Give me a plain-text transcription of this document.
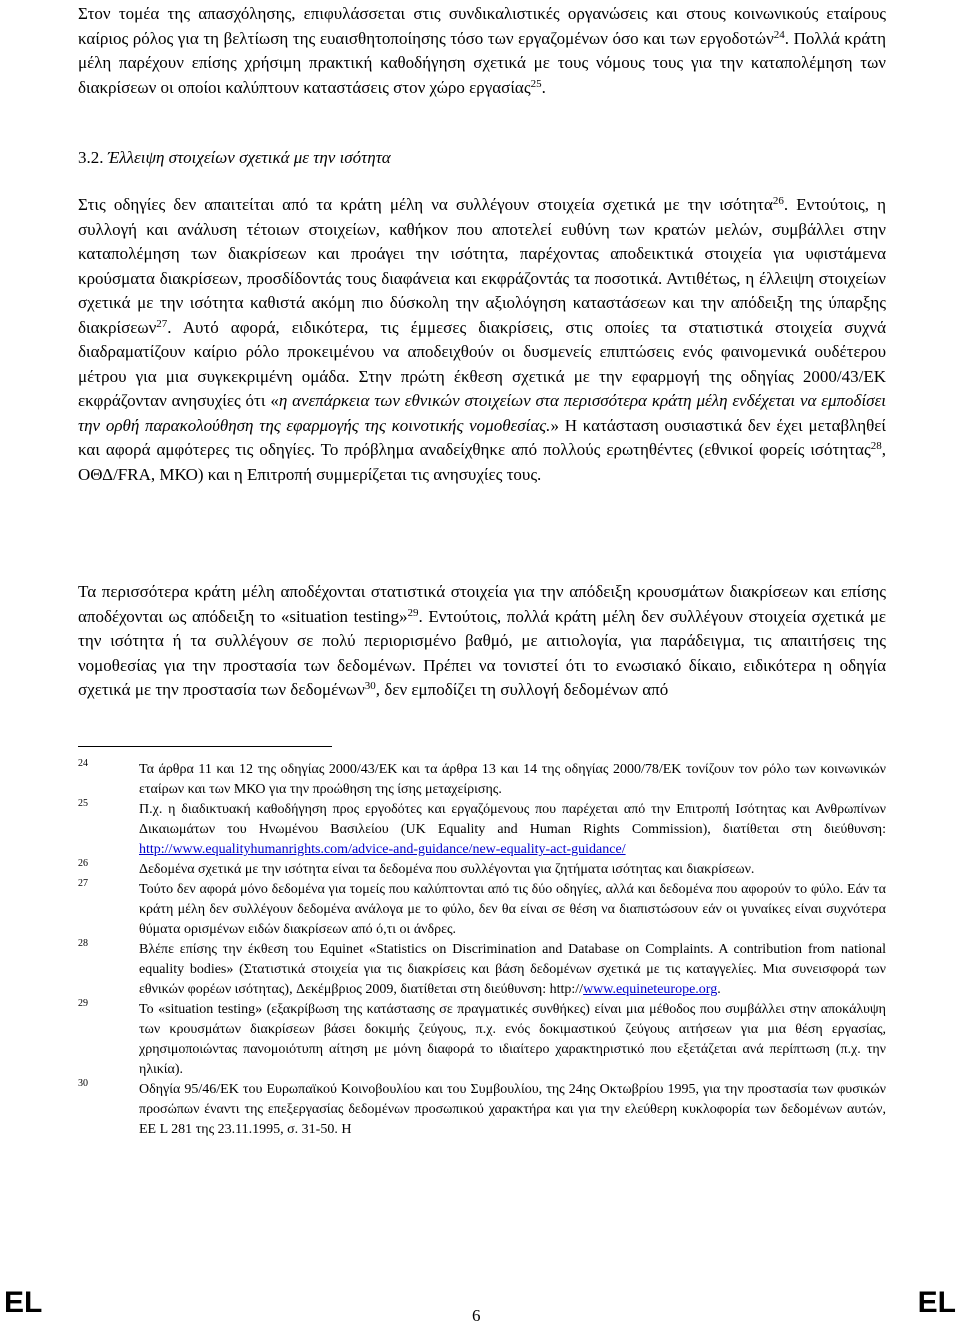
Στον τομέα της απασχόλησης, επιφυλάσσεται στις συνδικαλιστικές οργανώσεις και στους κοινωνικούς εταίρους καίριος ρόλος για τη βελτίωση της ευαισθητοποίησης τόσο των εργαζομένων όσο και των εργοδοτών$^{24}$. Πολλά κράτη μέλη παρέχουν επίσης χρήσιμη πρακτική καθοδήγηση σχετικά με τους νόμους τους για την καταπολέμηση των διακρίσεων οι οποίοι καλύπτουν καταστάσεις στον χώρο εργασίας$^{25}$.

3.2. Έλλειψη στοιχείων σχετικά με την ισότητα

Στις οδηγίες δεν απαιτείται από τα κράτη μέλη να συλλέγουν στοιχεία σχετικά με την ισότητα$^{26}$. Εντούτοις, η συλλογή και ανάλυση τέτοιων στοιχείων, καθήκον που αποτελεί ευθύνη των κρατών μελών, συμβάλλει στην καταπολέμηση των διακρίσεων και προάγει την ισότητα, παρέχοντας αποδεικτικά στοιχεία για υφιστάμενα κρούσματα διακρίσεων, προσδίδοντάς τους διαφάνεια και εκφράζοντάς τα ποσοτικά. Αντιθέτως, η έλλειψη στοιχείων σχετικά με την ισότητα καθιστά ακόμη πιο δύσκολη την αξιολόγηση καταστάσεων και την απόδειξη της ύπαρξης διακρίσεων$^{27}$. Αυτό αφορά, ειδικότερα, τις έμμεσες διακρίσεις, στις οποίες τα στατιστικά στοιχεία συχνά διαδραματίζουν καίριο ρόλο προκειμένου να αποδειχθούν οι δυσμενείς επιπτώσεις ενός φαινομενικά ουδέτερου μέτρου για μια συγκεκριμένη ομάδα. Στην πρώτη έκθεση σχετικά με την εφαρμογή της οδηγίας 2000/43/ΕΚ εκφράζονταν ανησυχίες ότι «η ανεπάρκεια των εθνικών στοιχείων στα περισσότερα κράτη μέλη ενδέχεται να εμποδίσει την ορθή παρακολούθηση της εφαρμογής της κοινοτικής νομοθεσίας.» Η κατάσταση ουσιαστικά δεν έχει μεταβληθεί και αφορά αμφότερες τις οδηγίες. Το πρόβλημα αναδείχθηκε από πολλούς ερωτηθέντες (εθνικοί φορείς ισότητας$^{28}$, ΟΘΔ/FRA, ΜΚΟ) και η Επιτροπή συμμερίζεται τις ανησυχίες τους.

Τα περισσότερα κράτη μέλη αποδέχονται στατιστικά στοιχεία για την απόδειξη κρουσμάτων διακρίσεων και επίσης αποδέχονται ως απόδειξη το «situation testing»$^{29}$. Εντούτοις, πολλά κράτη μέλη δεν συλλέγουν στοιχεία σχετικά με την ισότητα ή τα συλλέγουν σε πολύ περιορισμένο βαθμό, με αιτιολογία, για παράδειγμα, τις απαιτήσεις της νομοθεσίας για την προστασία των δεδομένων. Πρέπει να τονιστεί ότι το ενωσιακό δίκαιο, ειδικότερα η οδηγία σχετικά με την προστασία των δεδομένων$^{30}$, δεν εμποδίζει τη συλλογή δεδομένων από

24	Τα άρθρα 11 και 12 της οδηγίας 2000/43/ΕΚ και τα άρθρα 13 και 14 της οδηγίας 2000/78/ΕΚ τονίζουν τον ρόλο των κοινωνικών εταίρων και των ΜΚΟ για την προώθηση της ίσης μεταχείρισης.
25	Π.χ. η διαδικτυακή καθοδήγηση προς εργοδότες και εργαζόμενους που παρέχεται από την Επιτροπή Ισότητας και Ανθρωπίνων Δικαιωμάτων του Ηνωμένου Βασιλείου (UK Equality and Human Rights Commission), διατίθεται στη διεύθυνση: http://www.equalityhumanrights.com/advice-and-guidance/new-equality-act-guidance/
26	Δεδομένα σχετικά με την ισότητα είναι τα δεδομένα που συλλέγονται για ζητήματα ισότητας και διακρίσεων.
27	Τούτο δεν αφορά μόνο δεδομένα για τομείς που καλύπτονται από τις δύο οδηγίες, αλλά και δεδομένα που αφορούν το φύλο. Εάν τα κράτη μέλη δεν συλλέγουν δεδομένα ανάλογα με το φύλο, δεν θα είναι σε θέση να διαπιστώσουν εάν οι γυναίκες είναι συχνότερα θύματα ορισμένων ειδών διακρίσεων από ό,τι οι άνδρες.
28	Βλέπε επίσης την έκθεση του Equinet «Statistics on Discrimination and Database on Complaints. A contribution from national equality bodies» (Στατιστικά στοιχεία για τις διακρίσεις και βάση δεδομένων σχετικά με τις καταγγελίες. Μια συνεισφορά των εθνικών φορέων ισότητας), Δεκέμβριος 2009, διατίθεται στη διεύθυνση: http://www.equineteurope.org.
29	Το «situation testing» (εξακρίβωση της κατάστασης σε πραγματικές συνθήκες) είναι μια μέθοδος που συμβάλλει στην αποκάλυψη των κρουσμάτων διακρίσεων βάσει δοκιμής ζεύγους, π.χ. ενός δοκιμαστικού ζεύγους αιτήσεων για μια θέση εργασίας, χρησιμοποιώντας πανομοιότυπη αίτηση με μόνη διαφορά το ιδιαίτερο χαρακτηριστικό που εξετάζεται ανά περίπτωση (π.χ. την ηλικία).
30	Οδηγία 95/46/ΕΚ του Ευρωπαϊκού Κοινοβουλίου και του Συμβουλίου, της 24ης Οκτωβρίου 1995, για την προστασία των φυσικών προσώπων έναντι της επεξεργασίας δεδομένων προσωπικού χαρακτήρα και για την ελεύθερη κυκλοφορία των δεδομένων αυτών, ΕΕ L 281 της 23.11.1995, σ. 31-50. Η
EL	6	EL
